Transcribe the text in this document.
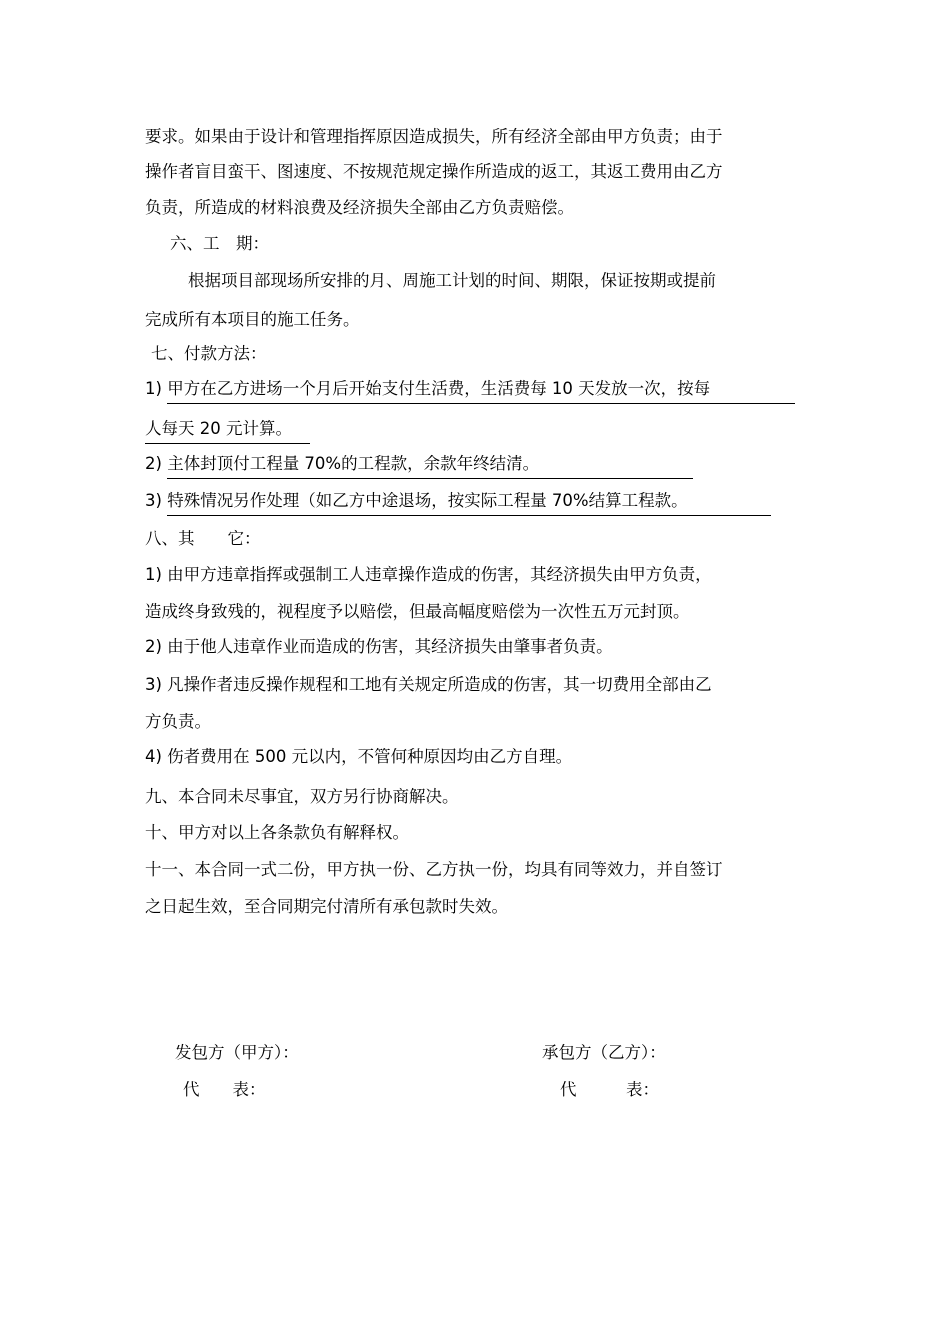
要求。如果由于设计和管理指挥原因造成损失，所有经济全部由甲方负责；由于
操作者盲目蛮干、图速度、不按规范规定操作所造成的返工，其返工费用由乙方
负责，所造成的材料浪费及经济损失全部由乙方负责赔偿。
六、工　期：
根据项目部现场所安排的月、周施工计划的时间、期限，保证按期或提前
完成所有本项目的施工任务。
七、付款方法：
1) 甲方在乙方进场一个月后开始支付生活费，生活费每 10 天发放一次，按每
人每天 20 元计算。
2) 主体封顶付工程量 70%的工程款，余款年终结清。
3) 特殊情况另作处理（如乙方中途退场，按实际工程量 70%结算工程款。
八、其　　它：
1) 由甲方违章指挥或强制工人违章操作造成的伤害，其经济损失由甲方负责，
造成终身致残的，视程度予以赔偿，但最高幅度赔偿为一次性五万元封顶。
2) 由于他人违章作业而造成的伤害，其经济损失由肇事者负责。
3) 凡操作者违反操作规程和工地有关规定所造成的伤害，其一切费用全部由乙
方负责。
4) 伤者费用在 500 元以内，不管何种原因均由乙方自理。
九、本合同未尽事宜，双方另行协商解决。
十、甲方对以上各条款负有解释权。
十一、本合同一式二份，甲方执一份、乙方执一份，均具有同等效力，并自签订
之日起生效，至合同期完付清所有承包款时失效。
发包方（甲方）：
代　　表：
承包方（乙方）：
代　　　表：
